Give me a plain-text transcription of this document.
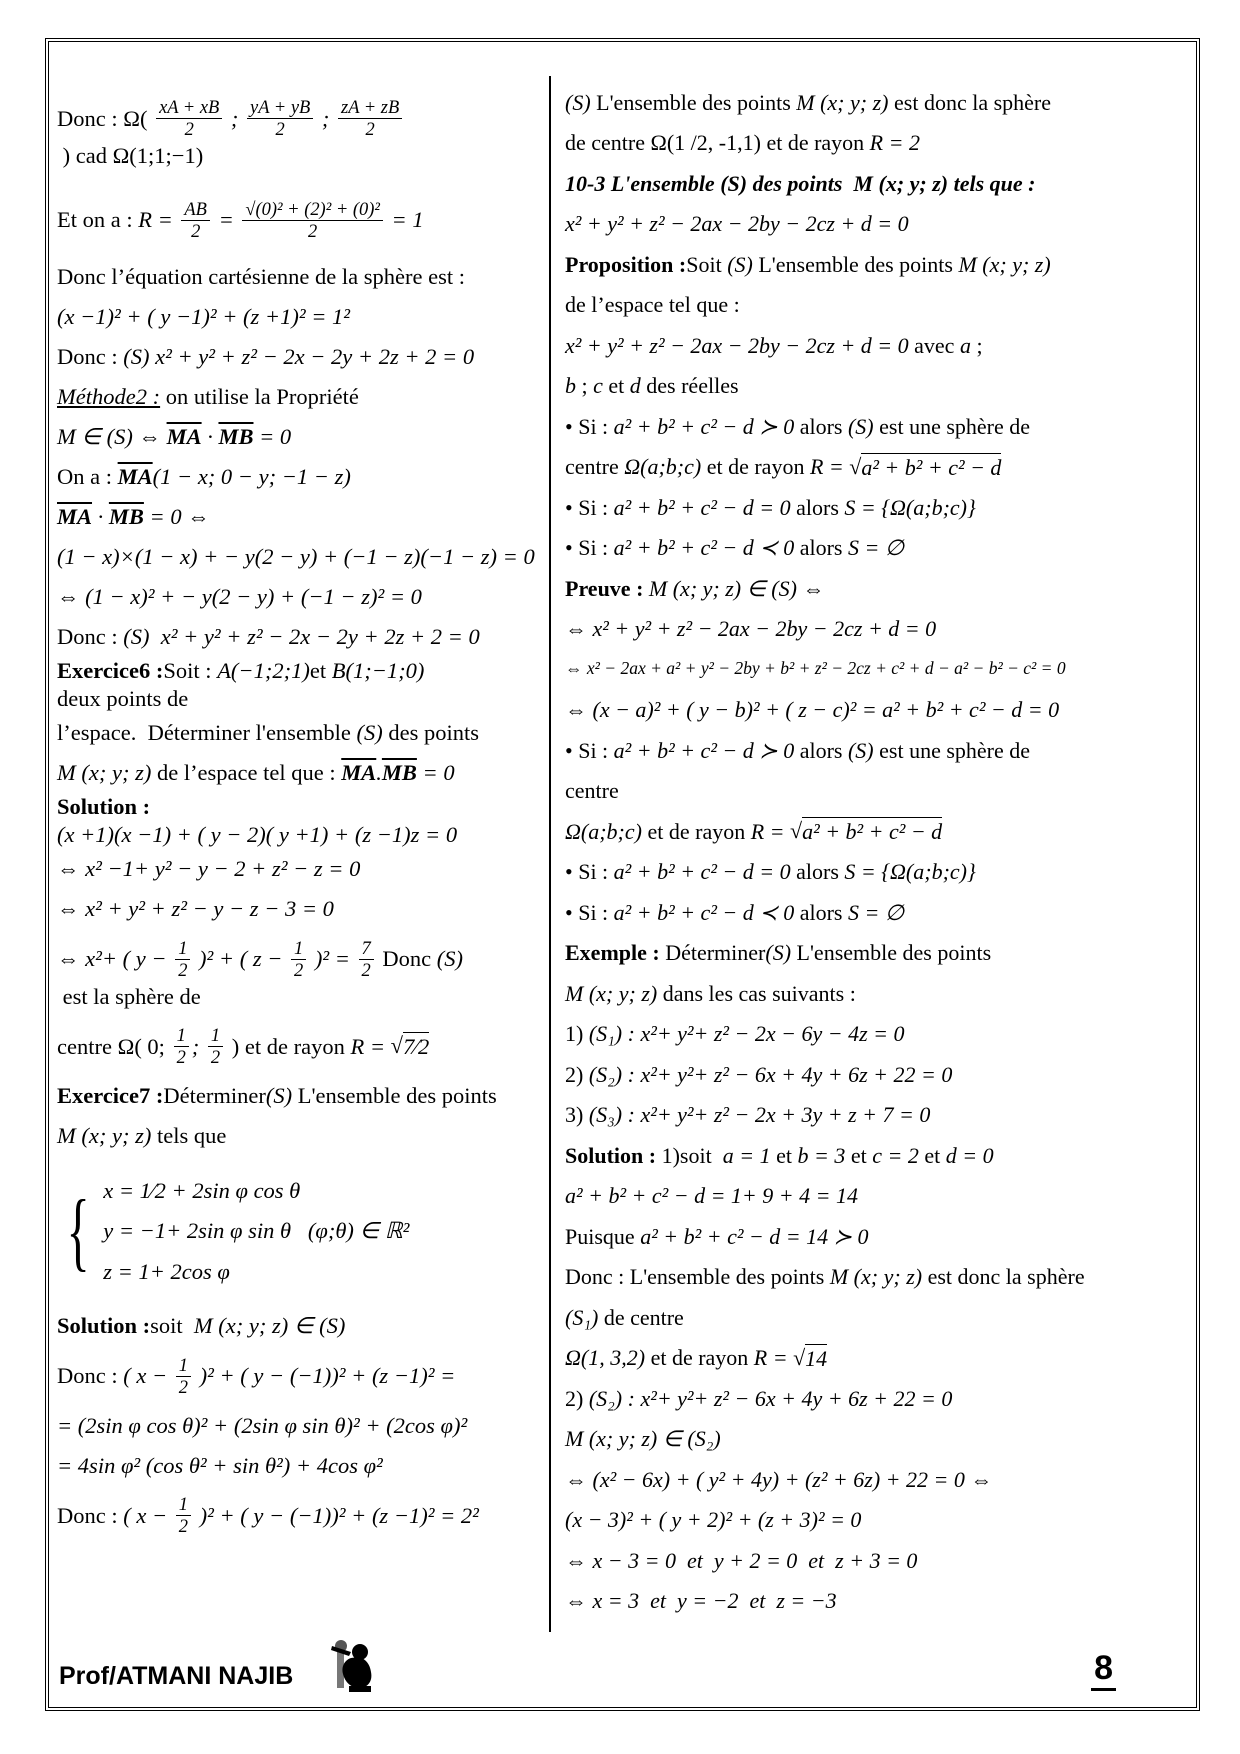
Donc : $\Omega( \frac{xA + xB}{2}$ ; $\frac{yA + yB}{2}$ ; $\frac{zA + zB}{2}$
) cad Ω(1;1;−1)
Et on a : $R = \frac{AB}{2} = \frac{\text{√(0)² + (2)² + (0)²}}{2} = 1$
Donc l’équation cartésienne de la sphère est :
(x −1)² + ( y −1)² + (z +1)² = 1²
Donc : (S) x² + y² + z² − 2x − 2y + 2z + 2 = 0
Méthode2 : on utilise la Propriété
M ∈ (S) ⇔ $\overline{MA} \cdot \overline{MB} = 0$
On a : $\overline{MA}$ (1 − x; 0 − y; −1 − z)
$\overline{MA} \cdot \overline{MB} = 0$ ⇔
(1 − x)×(1 − x) + − y(2 − y) + (−1 − z)(−1 − z) = 0
⇔ (1 − x)² + − y(2 − y) + (−1 − z)² = 0
Donc : (S)  x² + y² + z² − 2x − 2y + 2z + 2 = 0
Exercice6 : Soit : A(−1;2;1) et B(1;−1;0)
deux points de
l’espace.  Déterminer l'ensemble (S) des points
M (x; y; z) de l’espace tel que : $\overline{MA}$ . $\overline{MB} = 0$
Solution :
(x +1)(x −1) + ( y − 2)( y +1) + (z −1)z = 0
⇔ x² −1+ y² − y − 2 + z² − z = 0
⇔ x² + y² + z² − y − z − 3 = 0
⇔ x²+ ( $y - \frac{1}{2} )^2$ + ( $z - \frac{1}{2} )^2 = \frac{7}{2}$ Donc (S)
est la sphère de
centre Ω ( 0; $\frac{1}{2}$ ; $\frac{1}{2}$ ) et de rayon R = √ 7⁄2
Exercice7 : Déterminer (S) L'ensemble des points
M (x; y; z) tels que
{ x = 1⁄2 + 2sin φ cos θ
y = −1+ 2sin φ sin θ   (φ;θ) ∈ ℝ²
z = 1+ 2cos φ
Solution : soit M (x; y; z) ∈ (S)
Donc : ( $x - \frac{1}{2} )^2$ + ( y − (−1))² + (z −1)² =
= (2sin φ cos θ)² + (2sin φ sin θ)² + (2cos φ)²
= 4sin φ² (cos θ² + sin θ²) + 4cos φ²
Donc : ( $x - \frac{1}{2} )^2$ + ( y − (−1))² + (z −1)² = 2²
(S) L'ensemble des points M (x; y; z) est donc la sphère
de centre Ω(1 /2, -1,1) et de rayon R = 2
10-3 L'ensemble (S) des points  M (x; y; z) tels que :
x² + y² + z² − 2ax − 2by − 2cz + d = 0
Proposition : Soit (S) L'ensemble des points M (x; y; z)
de l’espace tel que :
x² + y² + z² − 2ax − 2by − 2cz + d = 0 avec a ;
b ; c et d des réelles
• Si : a² + b² + c² − d ≻ 0 alors (S) est une sphère de
centre Ω(a;b;c) et de rayon R = √ a² + b² + c² − d
• Si : a² + b² + c² − d = 0 alors S = {Ω(a;b;c)}
• Si : a² + b² + c² − d ≺ 0 alors S = ∅
Preuve : M (x; y; z) ∈ (S) ⇔
⇔ x² + y² + z² − 2ax − 2by − 2cz + d = 0
⇔ x² − 2ax + a² + y² − 2by + b² + z² − 2cz + c² + d − a² − b² − c² = 0
⇔ (x − a)² + ( y − b)² + ( z − c)² = a² + b² + c² − d = 0
• Si : a² + b² + c² − d ≻ 0 alors (S) est une sphère de
centre
Ω(a;b;c) et de rayon R = √ a² + b² + c² − d
• Si : a² + b² + c² − d = 0 alors S = {Ω(a;b;c)}
• Si : a² + b² + c² − d ≺ 0 alors S = ∅
Exemple : Déterminer (S) L'ensemble des points
M (x; y; z) dans les cas suivants :
1) (S₁) : x²+ y²+ z² − 2x − 6y − 4z = 0
2) (S₂) : x²+ y²+ z² − 6x + 4y + 6z + 22 = 0
3) (S₃) : x²+ y²+ z² − 2x + 3y + z + 7 = 0
Solution : 1)soit a = 1 et b = 3 et c = 2 et d = 0
a² + b² + c² − d = 1+ 9 + 4 = 14
Puisque a² + b² + c² − d = 14 ≻ 0
Donc : L'ensemble des points M (x; y; z) est donc la sphère
(S₁) de centre
Ω(1, 3,2) et de rayon R = √ 14
2) (S₂) : x²+ y²+ z² − 6x + 4y + 6z + 22 = 0
M (x; y; z) ∈ (S₂)
⇔ (x² − 6x) + ( y² + 4y) + (z² + 6z) + 22 = 0 ⇔
(x − 3)² + ( y + 2)² + (z + 3)² = 0
⇔ x − 3 = 0  et  y + 2 = 0  et  z + 3 = 0
⇔ x = 3  et  y = −2  et  z = −3
Prof/ATMANI NAJIB	8
